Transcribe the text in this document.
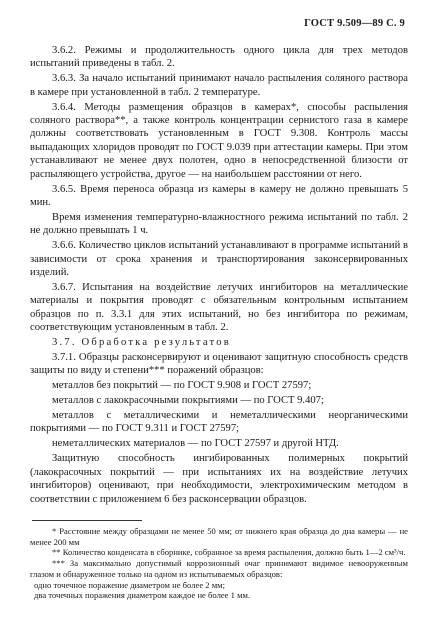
ГОСТ 9.509—89 С. 9

3.6.2. Режимы и продолжительность одного цикла для трех методов испытаний приведены в табл. 2.

3.6.3. За начало испытаний принимают начало распыления соляного раствора в камере при установленной в табл. 2 температуре.

3.6.4. Методы размещения образцов в камерах*, способы распыления соляного раствора**, а также контроль концентрации сернистого газа в камере должны соответствовать установленным в ГОСТ 9.308. Контроль массы выпадающих хлоридов проводят по ГОСТ 9.039 при аттестации камеры. При этом устанавливают не менее двух полотен, одно в непосредственной близости от распыляющего устройства, другое — на наибольшем расстоянии от него.

3.6.5. Время переноса образца из камеры в камеру не должно превышать 5 мин.

Время изменения температурно-влажностного режима испытаний по табл. 2 не должно превышать 1 ч.

3.6.6. Количество циклов испытаний устанавливают в программе испытаний в зависимости от срока хранения и транспортирования законсервированных изделий.

3.6.7. Испытания на воздействие летучих ингибиторов на металлические материалы и покрытия проводят с обязательным контрольным испытанием образцов по п. 3.3.1 для этих испытаний, но без ингибитора по режимам, соответствующим установленным в табл. 2.

3.7. Обработка результатов

3.7.1. Образцы расконсервируют и оценивают защитную способность средств защиты по виду и степени*** поражений образцов:

металлов без покрытий — по ГОСТ 9.908 и ГОСТ 27597;

металлов с лакокрасочными покрытиями — по ГОСТ 9.407;

металлов с металлическими и неметаллическими неорганическими покрытиями — по ГОСТ 9.311 и ГОСТ 27597;

неметаллических материалов — по ГОСТ 27597 и другой НТД.

Защитную способность ингибированных полимерных покрытий (лакокрасочных покрытий — при испытаниях их на воздействие летучих ингибиторов) оценивают, при необходимости, электрохимическим методом в соответствии с приложением 6 без расконсервации образцов.

* Расстояние между образцами не менее 50 мм; от нижнего края образца до дна камеры — не менее 200 мм

** Количество конденсата в сборнике, собранное за время распыления, должно быть 1—2 см³/ч.

*** За максимально допустимый коррозионный очаг принимают видимое невооруженным глазом и обнаруженное только на одном из испытываемых образцов:

одно точечное поражение диаметром не более 2 мм;

два точечных поражения диаметром каждое не более 1 мм.
